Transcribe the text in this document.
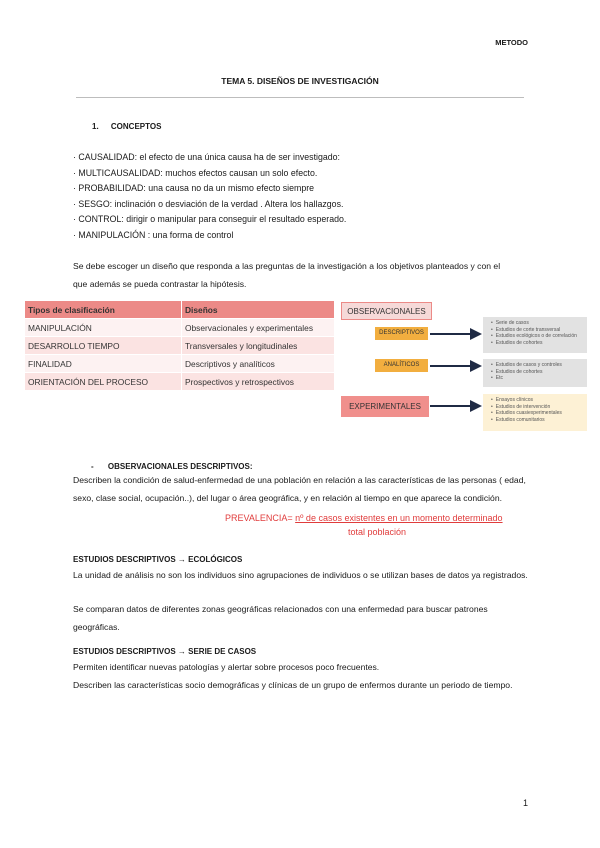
METODO
TEMA 5. DISEÑOS DE INVESTIGACIÓN
1. CONCEPTOS
· CAUSALIDAD: el efecto de una única causa ha de ser investigado:
· MULTICAUSALIDAD: muchos efectos causan un solo efecto.
· PROBABILIDAD: una causa no da un mismo efecto siempre
· SESGO: inclinación o desviación de la verdad . Altera los hallazgos.
· CONTROL: dirigir o manipular para conseguir el resultado esperado.
· MANIPULACIÓN : una forma de control
Se debe escoger un diseño que responda a las preguntas de la investigación a los objetivos planteados y con el que además se pueda contrastar la hipótesis.
Tipos de clasificación	Diseños
MANIPULACIÓN	Observacionales y experimentales
DESARROLLO TIEMPO	Transversales y longitudinales
FINALIDAD	Descriptivos y analíticos
ORIENTACIÓN DEL PROCESO	Prospectivos y retrospectivos
OBSERVACIONALES
DESCRIPTIVOS
ANALÍTICOS
EXPERIMENTALES
• Serie de casos
• Estudios de corte transversal
• Estudios ecológicos o de correlación
• Estudios de cohortes
• Estudios de casos y controles
• Estudios de cohortes
• Etc
• Ensayos clínicos
• Estudios de intervención
• Estudios cuasiexperimentales
• Estudios comunitarios
- OBSERVACIONALES DESCRIPTIVOS:
Describen la condición de salud-enfermedad de una población en relación a las características de las personas ( edad, sexo, clase social, ocupación..), del lugar o área geográfica, y en relación al tiempo en que aparece la condición.
PREVALENCIA= nº de casos existentes en un momento determinado
total población
ESTUDIOS DESCRIPTIVOS → ECOLÓGICOS
La unidad de análisis no son los individuos sino agrupaciones de individuos o se utilizan bases de datos ya registrados.
Se comparan datos de diferentes zonas geográficas relacionados con una enfermedad para buscar patrones geográficas.
ESTUDIOS DESCRIPTIVOS → SERIE DE CASOS
Permiten identificar nuevas patologías y alertar sobre procesos poco frecuentes.
Describen las características socio demográficas y clínicas de un grupo de enfermos durante un periodo de tiempo.
1
